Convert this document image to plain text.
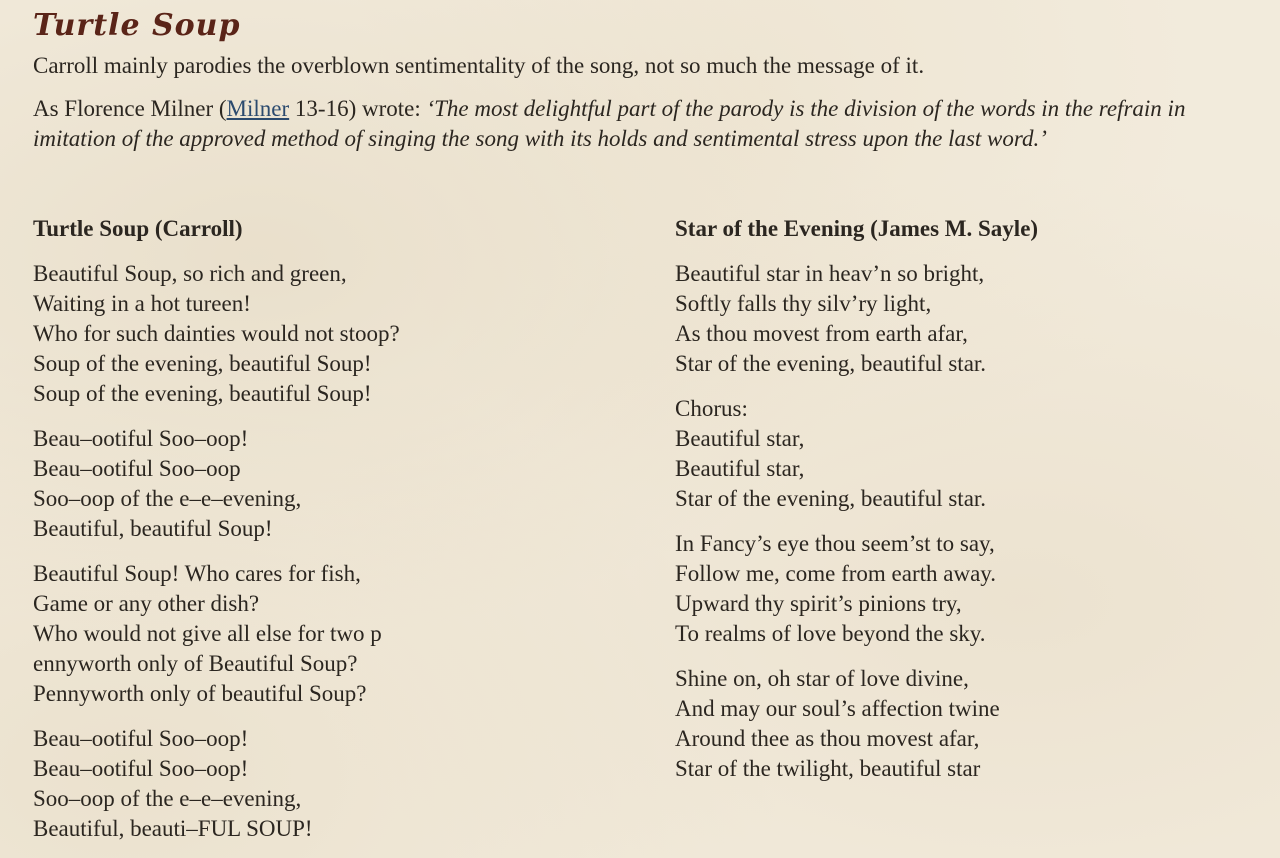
Turtle Soup

Carroll mainly parodies the overblown sentimentality of the song, not so much the message of it.

As Florence Milner (Milner 13-16) wrote: ‘The most delightful part of the parody is the division of the words in the refrain in imitation of the approved method of singing the song with its holds and sentimental stress upon the last word.’

Turtle Soup (Carroll)
Beautiful Soup, so rich and green,
Waiting in a hot tureen!
Who for such dainties would not stoop?
Soup of the evening, beautiful Soup!
Soup of the evening, beautiful Soup!
Beau–ootiful Soo–oop!
Beau–ootiful Soo–oop
Soo–oop of the e–e–evening,
Beautiful, beautiful Soup!
Beautiful Soup! Who cares for fish,
Game or any other dish?
Who would not give all else for two p
ennyworth only of Beautiful Soup?
Pennyworth only of beautiful Soup?
Beau–ootiful Soo–oop!
Beau–ootiful Soo–oop!
Soo–oop of the e–e–evening,
Beautiful, beauti–FUL SOUP!
Star of the Evening (James M. Sayle)
Beautiful star in heav’n so bright,
Softly falls thy silv’ry light,
As thou movest from earth afar,
Star of the evening, beautiful star.
Chorus:
Beautiful star,
Beautiful star,
Star of the evening, beautiful star.
In Fancy’s eye thou seem’st to say,
Follow me, come from earth away.
Upward thy spirit’s pinions try,
To realms of love beyond the sky.
Shine on, oh star of love divine,
And may our soul’s affection twine
Around thee as thou movest afar,
Star of the twilight, beautiful star
